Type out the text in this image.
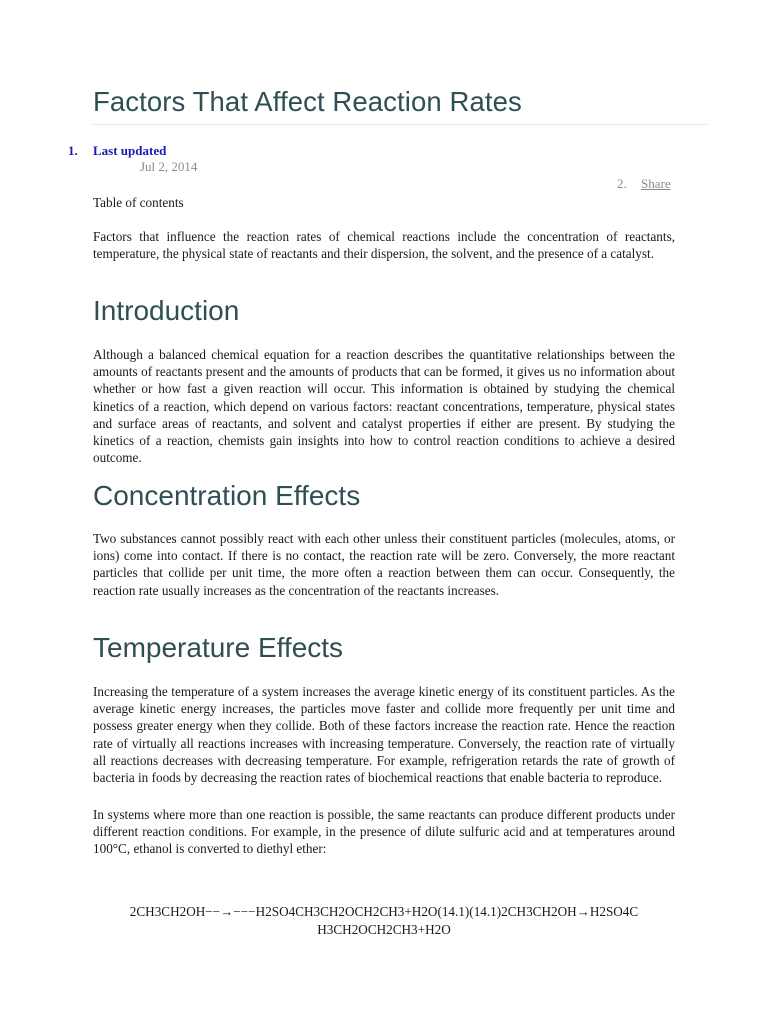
Factors That Affect Reaction Rates
1. Last updated
Jul 2, 2014
2. Share
Table of contents

Factors that influence the reaction rates of chemical reactions include the concentration of reactants, temperature, the physical state of reactants and their dispersion, the solvent, and the presence of a catalyst.

Introduction

Although a balanced chemical equation for a reaction describes the quantitative relationships between the amounts of reactants present and the amounts of products that can be formed, it gives us no information about whether or how fast a given reaction will occur. This information is obtained by studying the chemical kinetics of a reaction, which depend on various factors: reactant concentrations, temperature, physical states and surface areas of reactants, and solvent and catalyst properties if either are present. By studying the kinetics of a reaction, chemists gain insights into how to control reaction conditions to achieve a desired outcome.

Concentration Effects

Two substances cannot possibly react with each other unless their constituent particles (molecules, atoms, or ions) come into contact. If there is no contact, the reaction rate will be zero. Conversely, the more reactant particles that collide per unit time, the more often a reaction between them can occur. Consequently, the reaction rate usually increases as the concentration of the reactants increases.

Temperature Effects

Increasing the temperature of a system increases the average kinetic energy of its constituent particles. As the average kinetic energy increases, the particles move faster and collide more frequently per unit time and possess greater energy when they collide. Both of these factors increase the reaction rate. Hence the reaction rate of virtually all reactions increases with increasing temperature. Conversely, the reaction rate of virtually all reactions decreases with decreasing temperature. For example, refrigeration retards the rate of growth of bacteria in foods by decreasing the reaction rates of biochemical reactions that enable bacteria to reproduce.

In systems where more than one reaction is possible, the same reactants can produce different products under different reaction conditions. For example, in the presence of dilute sulfuric acid and at temperatures around 100°C, ethanol is converted to diethyl ether:

2CH3CH2OH−−→−−−H2SO4CH3CH2OCH2CH3+H2O(14.1)(14.1)2CH3CH2OH→H2SO4C
H3CH2OCH2CH3+H2O
